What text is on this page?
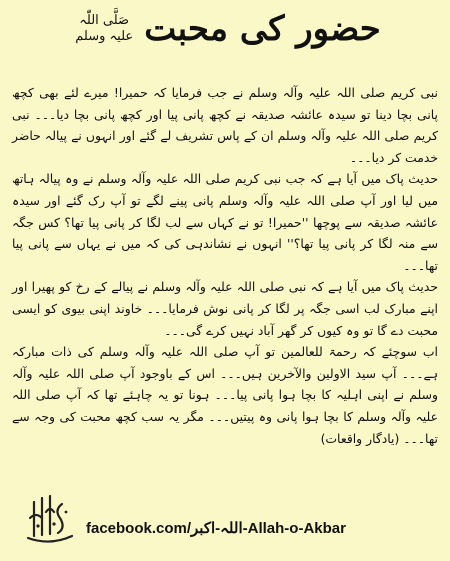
حضور کی محبت صَلَّی اللّٰہ
علیہ وسلم

نبی کریم صلی اللہ علیہ وآلہ وسلم نے جب فرمایا کہ حمیرا! میرے لئے بھی کچھ پانی بچا دینا تو سیدہ عائشہ صدیقہ نے کچھ پانی پیا اور کچھ پانی بچا دیا۔۔۔ نبی کریم صلی اللہ علیہ وآلہ وسلم ان کے پاس تشریف لے گئے اور انہوں نے پیالہ حاضر خدمت کر دیا۔۔۔

حدیث پاک میں آیا ہے کہ جب نبی کریم صلی اللہ علیہ وآلہ وسلم نے وہ پیالہ ہاتھ میں لیا اور آپ صلی اللہ علیہ وآلہ وسلم پانی پینے لگے تو آپ رک گئے اور سیدہ عائشہ صدیقہ سے پوچھا ''حمیرا! تو نے کہاں سے لب لگا کر پانی پیا تھا؟ کس جگہ سے منہ لگا کر پانی پیا تھا؟'' انہوں نے نشاندہی کی کہ میں نے یہاں سے پانی پیا تھا۔۔۔

حدیث پاک میں آیا ہے کہ نبی صلی اللہ علیہ وآلہ وسلم نے پیالے کے رخ کو پھیرا اور اپنے مبارک لب اسی جگہ پر لگا کر پانی نوش فرمایا۔۔۔ خاوند اپنی بیوی کو ایسی محبت دے گا تو وہ کیوں کر گھر آباد نہیں کرے گی۔۔۔

اب سوچئے کہ رحمۃ للعالمین تو آپ صلی اللہ علیہ وآلہ وسلم کی ذات مبارکہ ہے۔۔۔ آپ سید الاولین والآخرین ہیں۔۔۔ اس کے باوجود آپ صلی اللہ علیہ وآلہ وسلم نے اپنی اہلیہ کا بچا ہوا پانی پیا۔۔۔ ہونا تو یہ چاہئے تھا کہ آپ صلی اللہ علیہ وآلہ وسلم کا بچا ہوا پانی وہ پیتیں۔۔۔ مگر یہ سب کچھ محبت کی وجہ سے تھا۔۔۔ (یادگار واقعات)

facebook.com/اللہ-اکبر-Allah-o-Akbar
